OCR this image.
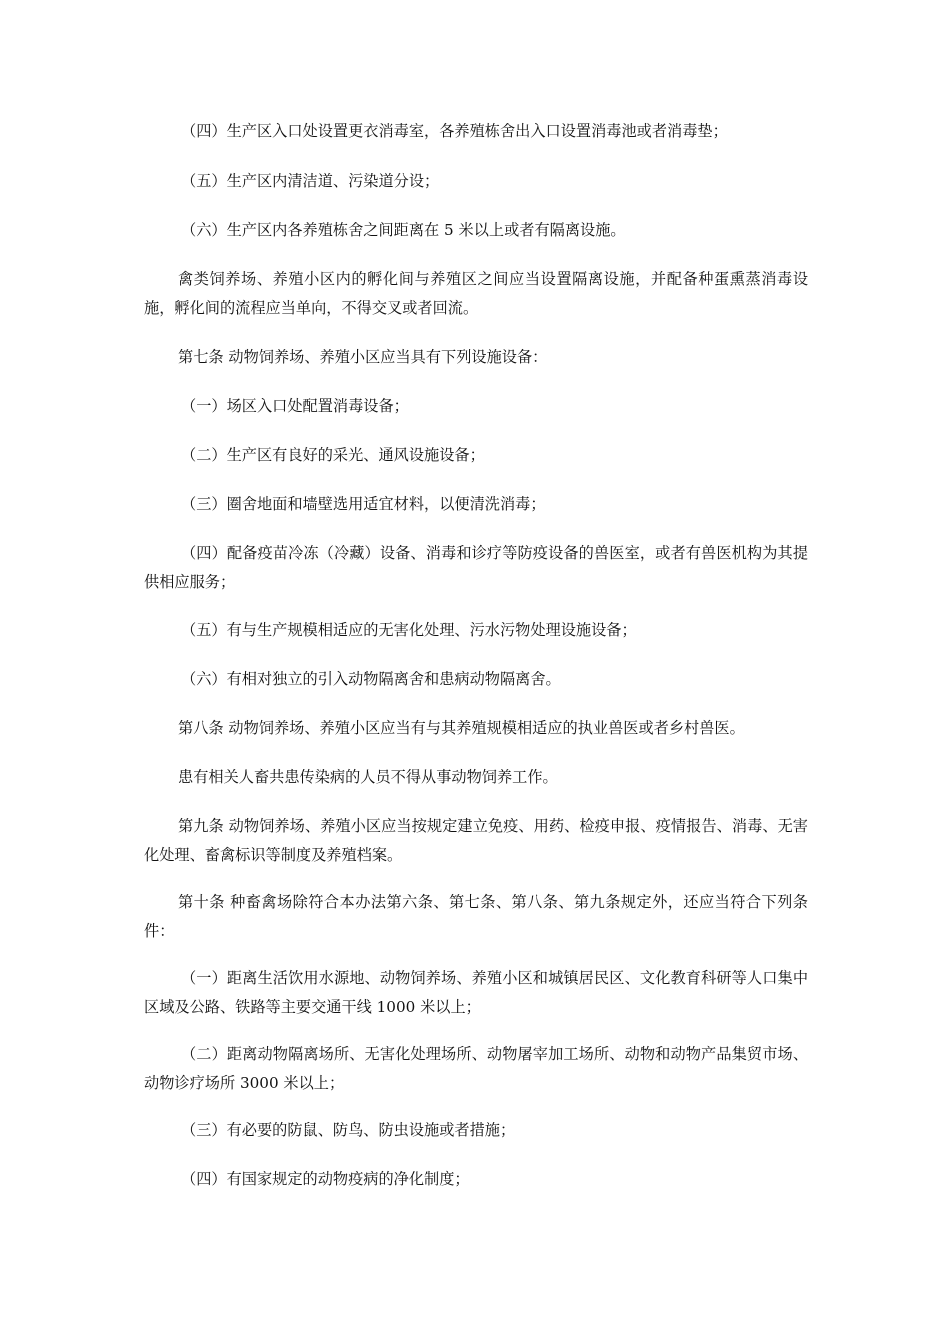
（四）生产区入口处设置更衣消毒室，各养殖栋舍出入口设置消毒池或者消毒垫；

（五）生产区内清洁道、污染道分设；

（六）生产区内各养殖栋舍之间距离在 5 米以上或者有隔离设施。

禽类饲养场、养殖小区内的孵化间与养殖区之间应当设置隔离设施，并配备种蛋熏蒸消毒设施，孵化间的流程应当单向，不得交叉或者回流。

第七条 动物饲养场、养殖小区应当具有下列设施设备：

（一）场区入口处配置消毒设备；

（二）生产区有良好的采光、通风设施设备；

（三）圈舍地面和墙壁选用适宜材料，以便清洗消毒；

（四）配备疫苗冷冻（冷藏）设备、消毒和诊疗等防疫设备的兽医室，或者有兽医机构为其提供相应服务；

（五）有与生产规模相适应的无害化处理、污水污物处理设施设备；

（六）有相对独立的引入动物隔离舍和患病动物隔离舍。

第八条 动物饲养场、养殖小区应当有与其养殖规模相适应的执业兽医或者乡村兽医。

患有相关人畜共患传染病的人员不得从事动物饲养工作。

第九条 动物饲养场、养殖小区应当按规定建立免疫、用药、检疫申报、疫情报告、消毒、无害化处理、畜禽标识等制度及养殖档案。

第十条 种畜禽场除符合本办法第六条、第七条、第八条、第九条规定外，还应当符合下列条件：

（一）距离生活饮用水源地、动物饲养场、养殖小区和城镇居民区、文化教育科研等人口集中区域及公路、铁路等主要交通干线 1000 米以上；

（二）距离动物隔离场所、无害化处理场所、动物屠宰加工场所、动物和动物产品集贸市场、动物诊疗场所 3000 米以上；

（三）有必要的防鼠、防鸟、防虫设施或者措施；

（四）有国家规定的动物疫病的净化制度；
